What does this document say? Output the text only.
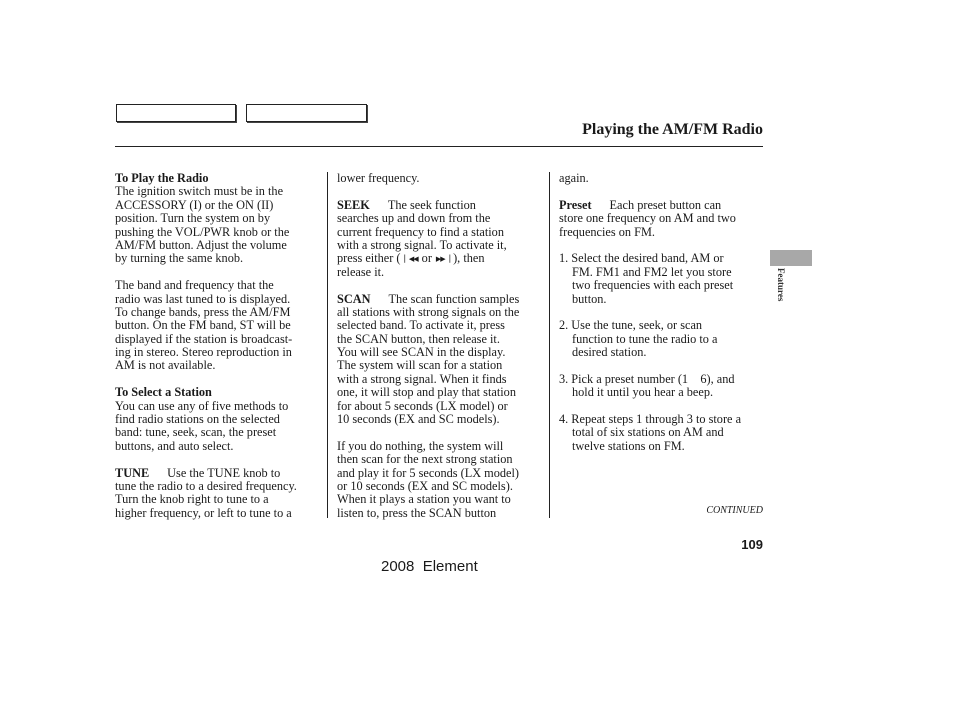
Playing the AM/FM Radio
To Play the Radio
The ignition switch must be in the
ACCESSORY (I) or the ON (II)
position. Turn the system on by
pushing the VOL/PWR knob or the
AM/FM button. Adjust the volume
by turning the same knob.
The band and frequency that the
radio was last tuned to is displayed.
To change bands, press the AM/FM
button. On the FM band, ST will be
displayed if the station is broadcast-
ing in stereo. Stereo reproduction in
AM is not available.
To Select a Station
You can use any of five methods to
find radio stations on the selected
band: tune, seek, scan, the preset
buttons, and auto select.
TUNE Use the TUNE knob to
tune the radio to a desired frequency.
Turn the knob right to tune to a
higher frequency, or left to tune to a
lower frequency.
SEEK The seek function
searches up and down from the
current frequency to find a station
with a strong signal. To activate it,
press either ( ▏◀◀ or ▶▶▕ ), then
release it.
SCAN The scan function samples
all stations with strong signals on the
selected band. To activate it, press
the SCAN button, then release it.
You will see SCAN in the display.
The system will scan for a station
with a strong signal. When it finds
one, it will stop and play that station
for about 5 seconds (LX model) or
10 seconds (EX and SC models).
If you do nothing, the system will
then scan for the next strong station
and play it for 5 seconds (LX model)
or 10 seconds (EX and SC models).
When it plays a station you want to
listen to, press the SCAN button
again.
Preset Each preset button can
store one frequency on AM and two
frequencies on FM.
1. Select the desired band, AM or
FM. FM1 and FM2 let you store
two frequencies with each preset
button.
2. Use the tune, seek, or scan
function to tune the radio to a
desired station.
3. Pick a preset number (1    6), and
hold it until you hear a beep.
4. Repeat steps 1 through 3 to store a
total of six stations on AM and
twelve stations on FM.
Features
CONTINUED
109
2008  Element
